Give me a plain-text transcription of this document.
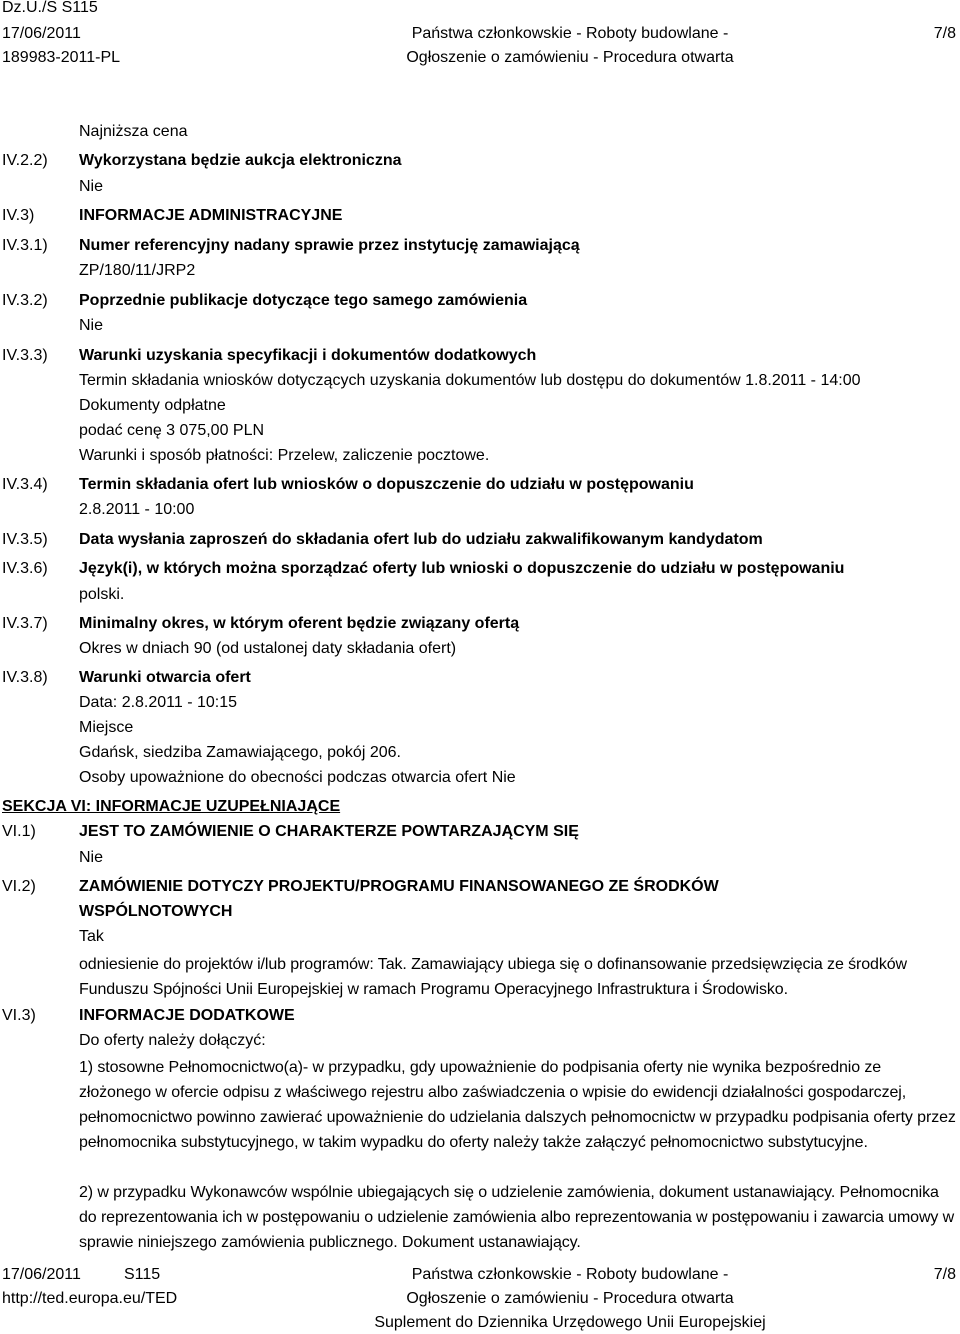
Dz.U./S S115
17/06/2011
189983-2011-PL
Państwa członkowskie - Roboty budowlane -
Ogłoszenie o zamówieniu - Procedura otwarta
7/8
Najniższa cena
IV.2.2) Wykorzystana będzie aukcja elektroniczna
Nie
IV.3)	INFORMACJE ADMINISTRACYJNE
IV.3.1) Numer referencyjny nadany sprawie przez instytucję zamawiającą
ZP/180/11/JRP2
IV.3.2) Poprzednie publikacje dotyczące tego samego zamówienia
Nie
IV.3.3) Warunki uzyskania specyfikacji i dokumentów dodatkowych
Termin składania wniosków dotyczących uzyskania dokumentów lub dostępu do dokumentów 1.8.2011 - 14:00
Dokumenty odpłatne
podać cenę 3 075,00 PLN
Warunki i sposób płatności: Przelew, zaliczenie pocztowe.
IV.3.4) Termin składania ofert lub wniosków o dopuszczenie do udziału w postępowaniu
2.8.2011 - 10:00
IV.3.5) Data wysłania zaproszeń do składania ofert lub do udziału zakwalifikowanym kandydatom
IV.3.6) Język(i), w których można sporządzać oferty lub wnioski o dopuszczenie do udziału w postępowaniu
polski.
IV.3.7) Minimalny okres, w którym oferent będzie związany ofertą
Okres w dniach 90 (od ustalonej daty składania ofert)
IV.3.8) Warunki otwarcia ofert
Data: 2.8.2011 - 10:15
Miejsce
Gdańsk, siedziba Zamawiającego, pokój 206.
Osoby upoważnione do obecności podczas otwarcia ofert Nie
SEKCJA VI: INFORMACJE UZUPEŁNIAJĄCE
VI.1)	JEST TO ZAMÓWIENIE O CHARAKTERZE POWTARZAJĄCYM SIĘ
Nie
VI.2)	ZAMÓWIENIE DOTYCZY PROJEKTU/PROGRAMU FINANSOWANEGO ZE ŚRODKÓW
WSPÓLNOTOWYCH
Tak
odniesienie do projektów i/lub programów: Tak. Zamawiający ubiega się o dofinansowanie przedsięwzięcia ze środków Funduszu Spójności Unii Europejskiej w ramach Programu Operacyjnego Infrastruktura i Środowisko.
VI.3)	INFORMACJE DODATKOWE
Do oferty należy dołączyć:
1) stosowne Pełnomocnictwo(a)- w przypadku, gdy upoważnienie do podpisania oferty nie wynika bezpośrednio ze złożonego w ofercie odpisu z właściwego rejestru albo zaświadczenia o wpisie do ewidencji działalności gospodarczej, pełnomocnictwo powinno zawierać upoważnienie do udzielania dalszych pełnomocnictw w przypadku podpisania oferty przez pełnomocnika substytucyjnego, w takim wypadku do oferty należy także załączyć pełnomocnictwo substytucyjne.
2) w przypadku Wykonawców wspólnie ubiegających się o udzielenie zamówienia, dokument ustanawiający. Pełnomocnika do reprezentowania ich w postępowaniu o udzielenie zamówienia albo reprezentowania w postępowaniu i zawarcia umowy w sprawie niniejszego zamówienia publicznego. Dokument ustanawiający.
17/06/2011	S115
http://ted.europa.eu/TED
Państwa członkowskie - Roboty budowlane -
Ogłoszenie o zamówieniu - Procedura otwarta
Suplement do Dziennika Urzędowego Unii Europejskiej
7/8
